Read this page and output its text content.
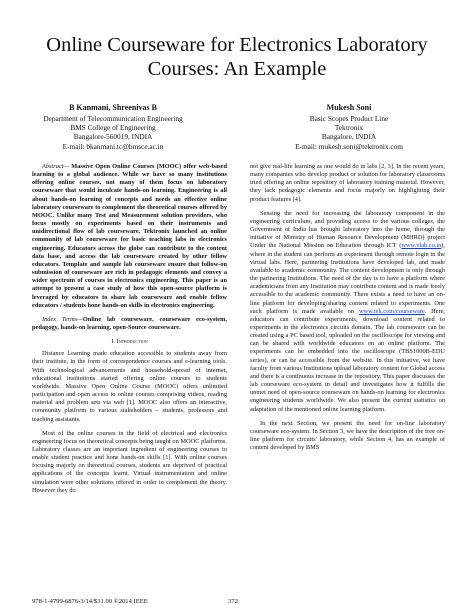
Online Courseware for Electronics Laboratory Courses: An Example
B Kanmani, Shreenivas B
Department of Telecommunication Engineering
BMS College of Engineering
Bangalore-560019, INDIA
E-mail: bkanmani.tc@bmsce.ac.in
Mukesh Soni
Basic Scopes Product Line
Tektronix
Bangalore, INDIA
E-mail: mukesh.soni@tektronix.com

Abstract— Massive Open Online Courses (MOOC) offer web-based learning to a global audience. While we have so many institutions offering online courses, not many of them focus on laboratory courseware that would inculcate hands-on learning. Engineering is all about hands-on learning of concepts and needs an effective online laboratory courseware to complement the theoretical courses offered by MOOC. Unlike many Test and Measurement solution providers, who focus mostly on experiments based on their instruments and unidirectional flow of lab courseware, Tektronix launched an online community of lab courseware for basic teaching labs in electronics engineering. Educators across the globe can contribute to the content data base, and access the lab courseware created by other fellow educators. Template and sample lab courseware ensure that follow-on submission of courseware are rich in pedagogic elements and convey a wider spectrum of courses in electronics engineering. This paper is an attempt to present a case study of how this open-source platform is leveraged by educators to share lab courseware and enable fellow educators / students hone hands-on skills in electronics engineering.

Index Terms—Online lab courseware, courseware eco-system, pedagogy, hands-on learning, open-Source courseware.

I. Introduction

Distance Learning made education accessible to students away from their institute, in the form of correspondence courses and e-learning tools. With technological advancements and household-spread of internet, educational institutions started offering online courses to students worldwide. Massive Open Online Course (MOOC) offers unlimited participation and open access to online courses comprising videos, reading material and problem sets via web [1]. MOOC also offers an interactive, community platform to various stakeholders – students, professors and teaching assistants.

Most of the online courses in the field of electrical and electronics engineering focus on theoretical concepts being taught on MOOC platforms. Laboratory classes are an important ingredient of engineering courses to enable student practice and hone hands-on skills [1]. With online courses focusing majorly on theoretical courses, students are deprived of practical applications of the concepts learnt. Virtual instrumentation and online simulation were other solutions offered in order to complement the theory. However they do

not give real-life learning as one would do in labs [2, 3]. In the recent years, many companies who develop product or solution for laboratory classrooms tried offering an online repository of laboratory training material. However, they lack pedagogic elements and focus majorly on highlighting their product features [4].

Sensing the need for increasing the laboratory component in the engineering curriculum, and providing access to the various colleges, the Government of India has brought laboratory into the home, through the initiative of Ministry of Human Resource Development (MHRD) project Under the National Mission on Education through ICT (www.vlab.co.in), where in the student can perform an experiment through remote login in the virtual labs. Here, partnering Institutions have developed lab, and made available to academic community. The content development is only through the partnering Institutions. The need of the day is to have a platform where academicians from any Institution may contribute content and is made freely accessible to the academic community. There exists a need to have an on-line platform for developing/sharing content related to experiments. One such platform is made available on www.tek.com/courseware. Here, educators can contribute experiments, download content related to experiments in the electronics circuits domain. The lab courseware can be created using a PC based tool, uploaded on the oscilloscope for viewing and can be shared with worldwide educators on an online platform. The experiments can be embedded into the oscilloscope (TBS1000B-EDU series), or can be accessible from the website. In this initiative, we have faculty from various Institutions upload laboratory content for Global access and there is a continuous increase in the repository. This paper discusses the lab courseware eco-system in detail and investigates how it fulfills the unmet need of open-source courseware on hands-on learning for electronics engineering students worldwide. We also present the current statistics on adaptation of the mentioned online learning platform.

In the next Section, we present the need for on-line laboratory courseware eco-system. In Section 3, we have the description of the free on-line platform for circuits' laboratory, while Section 4, has an example of content developed by BMS

978-1-4799-6876-3/14/$31.00 ©2014 IEEE	372
